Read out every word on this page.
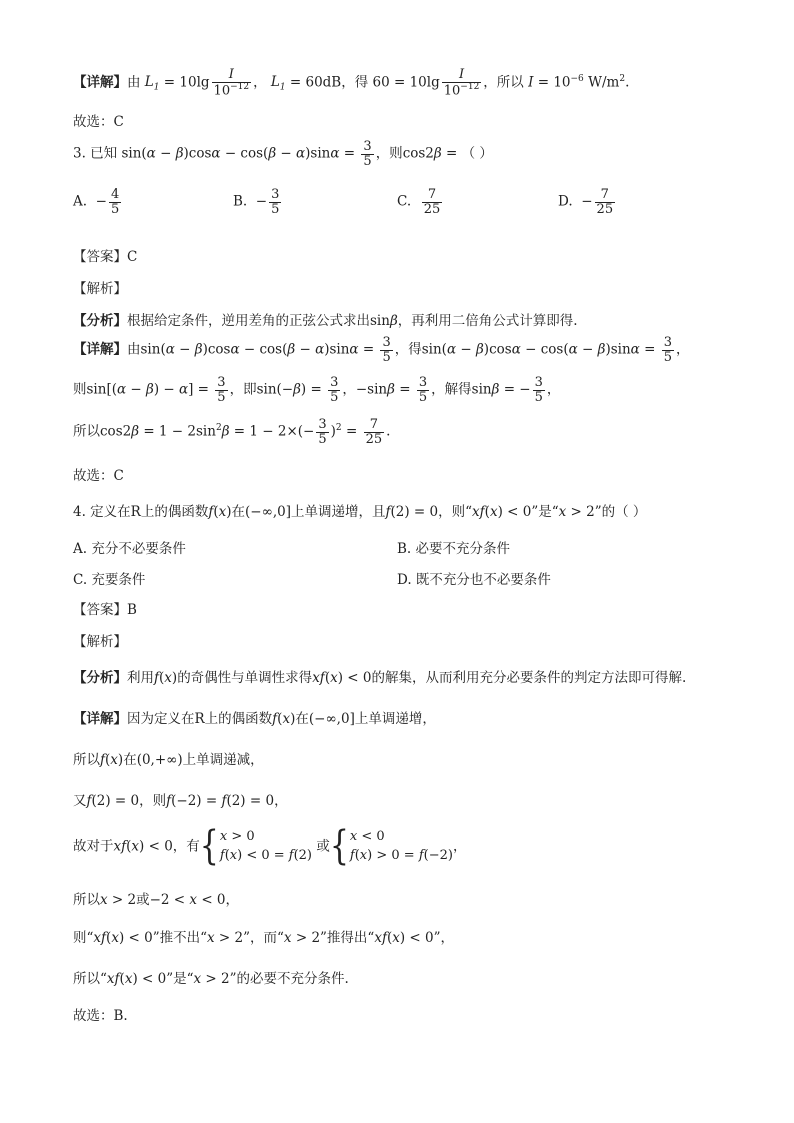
【详解】由 $L_1 = 10\lg \frac{I}{10^{-12}}$ ， $L_1 = 60dB$，得 $60 = 10\lg \frac{I}{10^{-12}}$ ，所以 $I = 10^{-6}$ $W/m^2$.
故选：C
3. 已知 $\sin(\alpha - \beta)\cos\alpha - \cos(\beta - \alpha)\sin\alpha = \frac{3}{5}$ ，则cos2β = （ ）
A.  − $\frac{4}{5}$	B.  − $\frac{3}{5}$	C. $\frac{7}{25}$	D.  − $\frac{7}{25}$
【答案】C
【解析】
【分析】根据给定条件，逆用差角的正弦公式求出sinβ，再利用二倍角公式计算即得.
【详解】由$\sin(\alpha - \beta)\cos\alpha - \cos(\beta - \alpha)\sin\alpha = \frac{3}{5}$ ，得$\sin(\alpha - \beta)\cos\alpha - \cos(\alpha - \beta)\sin\alpha = \frac{3}{5}$ ，
则$\sin[(\alpha - \beta) - \alpha] = \frac{3}{5}$ ，即$\sin(-\beta) = \frac{3}{5}$ ，$-\sin\beta = \frac{3}{5}$ ，解得sinβ = − $\frac{3}{5}$ ，
所以$\cos 2\beta = 1 - 2\sin^2\beta = 1 - 2\times(- \frac{3}{5} )^2 = \frac{7}{25}$ .
故选：C
4. 定义在R上的偶函数f(x)在(−∞,0]上单调递增，且f(2) = 0，则“xf(x) < 0”是“x > 2”的（ ）
A. 充分不必要条件	B. 必要不充分条件
C. 充要条件	D. 既不充分也不必要条件
【答案】B
【解析】
【分析】利用f(x)的奇偶性与单调性求得xf(x) < 0的解集，从而利用充分必要条件的判定方法即可得解.
【详解】因为定义在R上的偶函数f(x)在(−∞,0]上单调递增，
所以f(x)在(0,+∞)上单调递减，
又f(2) = 0，则f(−2) = f(2) = 0，
故对于xf(x) < 0，有{x > 0
f(x) < 0 = f(2) 或{x < 0
f(x) > 0 = f(−2)，
所以x > 2或−2 < x < 0，
则“xf(x) < 0”推不出“x > 2”，而“x > 2”推得出“xf(x) < 0”，
所以“xf(x) < 0”是“x > 2”的必要不充分条件.
故选：B.
